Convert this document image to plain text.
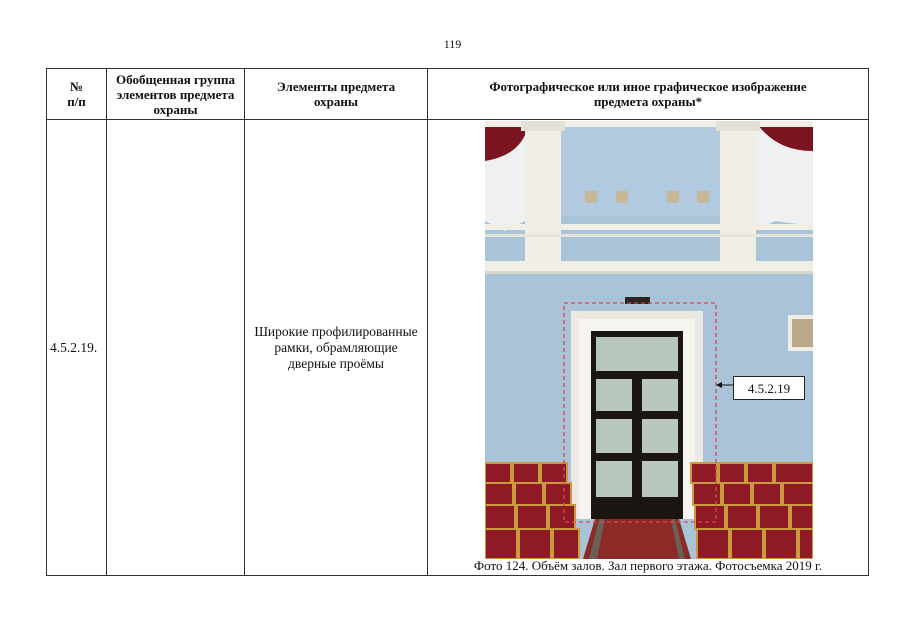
119
№
п/п	Обобщенная группа элементов предмета охраны	Элементы предмета охраны	Фотографическое или иное графическое изображение предмета охраны*
4.5.2.19.		Широкие профилированные рамки, обрамляющие дверные проёмы	4.5.2.19
Фото 124. Объём залов. Зал первого этажа. Фотосъемка 2019 г.
